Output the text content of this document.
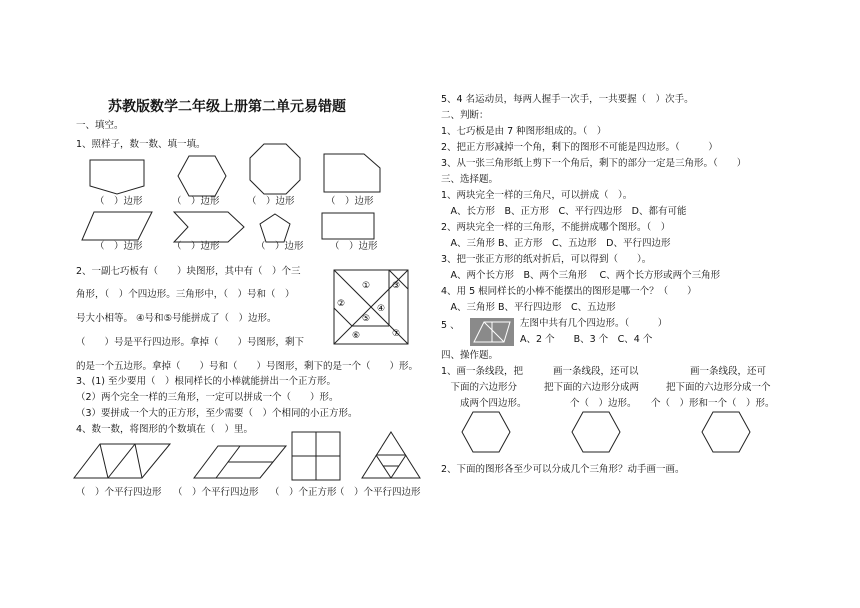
苏教版数学二年级上册第二单元易错题
一、填空。
1、照样子，数一数、填一填。
（　）边形	（　）边形	（　）边形	（　）边形
（　）边形	（　）边形	（　）边形	（　）边形
2、一副七巧板有（　　）块图形，其中有（　）个三
角形，（　）个四边形。三角形中，（　）号和（　）
号大小相等。 ④号和⑤号能拼成了（　）边形。
（　　）号是平行四边形。拿掉（　　）号图形，剩下
的是一个五边形。拿掉（　　）号和（　　）号图形，剩下的是一个（　　）形。
①
②
③
④
⑤
⑥	⑦
3、(1) 至少要用（　）根同样长的小棒就能拼出一个正方形。
（2）两个完全一样的三角形，一定可以拼成一个（　　）形。
（3）要拼成一个大的正方形，至少需要（　）个相同的小正方形。
4、数一数，将图形的个数填在（　）里。
（　）个平行四边形 （　）个平行四边形 （　）个正方形
（　）个平行四边形
5、4 名运动员，每两人握手一次手，一共要握（　）次手。
二、判断：
1、七巧板是由 7 种图形组成的。（　）
2、把正方形减掉一个角，剩下的图形不可能是四边形。（　　　）
3、从一张三角形纸上剪下一个角后，剩下的部分一定是三角形。（　　）
三、选择题。
1、两块完全一样的三角尺，可以拼成（　）。
　A、长方形　B、正方形　C、平行四边形　D、都有可能
2、两块完全一样的三角形，不能拼成哪个图形。（　）
　A、三角形 B、正方形　C、五边形　D、平行四边形
3、把一张正方形的纸对折后，可以得到（　　）。
　A、两个长方形　B、两个三角形　 C、两个长方形或两个三角形
4、用 5 根同样长的小棒不能摆出的图形是哪一个？（　　）
　A、三角形 B、平行四边形　C、五边形
5 、	左图中共有几个四边形。（　　　）
A、2 个　　B、3 个　C、4 个
四、操作题。
1、画一条线段，把
　下面的六边形分
　　成两个四边形。
画一条线段，还可以
把下面的六边形分成两
个（　）边形。
画一条线段，还可
把下面的六边形分成一个
个（　）形和一个（　）形。
2、下面的图形各至少可以分成几个三角形？动手画一画。
